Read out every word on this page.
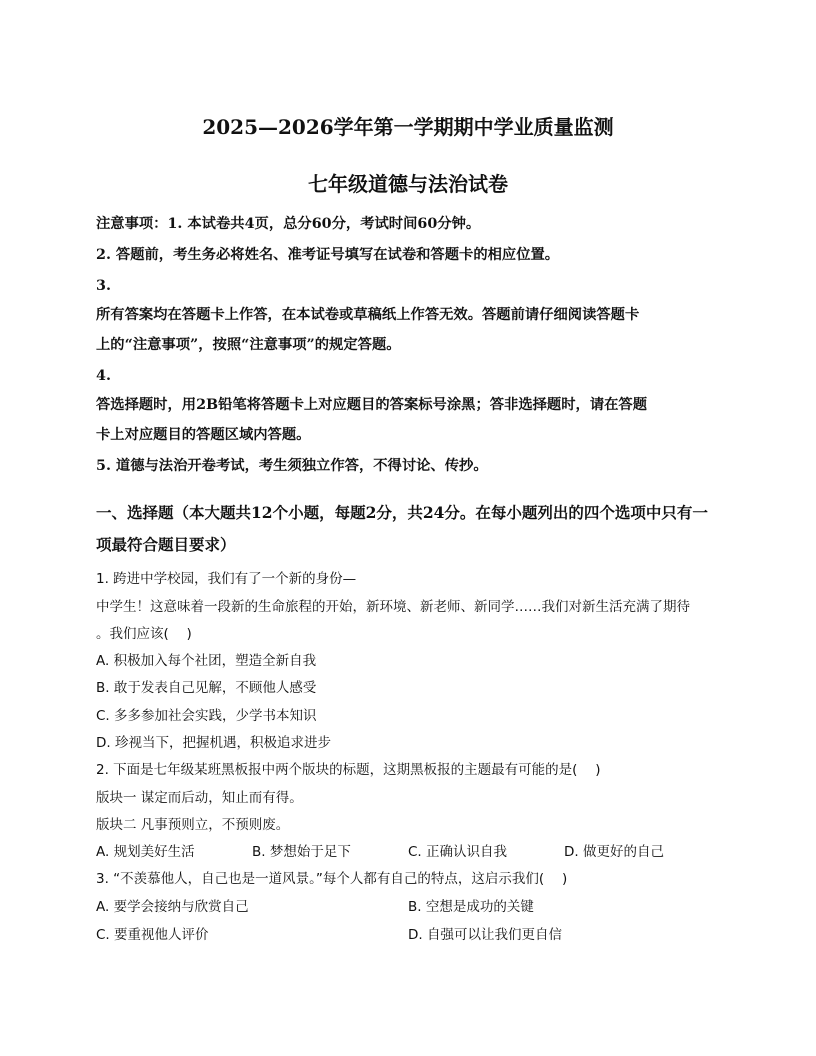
2025—2026学年第一学期期中学业质量监测
七年级道德与法治试卷
注意事项：1. 本试卷共4页，总分60分，考试时间60分钟。
2. 答题前，考生务必将姓名、准考证号填写在试卷和答题卡的相应位置。
3.
所有答案均在答题卡上作答，在本试卷或草稿纸上作答无效。答题前请仔细阅读答题卡
上的“注意事项”，按照“注意事项”的规定答题。
4.
答选择题时，用2B铅笔将答题卡上对应题目的答案标号涂黑；答非选择题时，请在答题
卡上对应题目的答题区域内答题。
5. 道德与法治开卷考试，考生须独立作答，不得讨论、传抄。
一、选择题（本大题共12个小题，每题2分，共24分。在每小题列出的四个选项中只有一
项最符合题目要求）
1. 跨进中学校园，我们有了一个新的身份—
中学生！这意味着一段新的生命旅程的开始，新环境、新老师、新同学……我们对新生活充满了期待
。我们应该(　 )
A. 积极加入每个社团，塑造全新自我
B. 敢于发表自己见解，不顾他人感受
C. 多多参加社会实践，少学书本知识
D. 珍视当下，把握机遇，积极追求进步
2. 下面是七年级某班黑板报中两个版块的标题，这期黑板报的主题最有可能的是(　 )
版块一 谋定而后动，知止而有得。
版块二 凡事预则立，不预则废。
A. 规划美好生活	B. 梦想始于足下	C. 正确认识自我	D. 做更好的自己
3. “不羡慕他人，自己也是一道风景。”每个人都有自己的特点，这启示我们(　 )
A. 要学会接纳与欣赏自己	B. 空想是成功的关键
C. 要重视他人评价	D. 自强可以让我们更自信
